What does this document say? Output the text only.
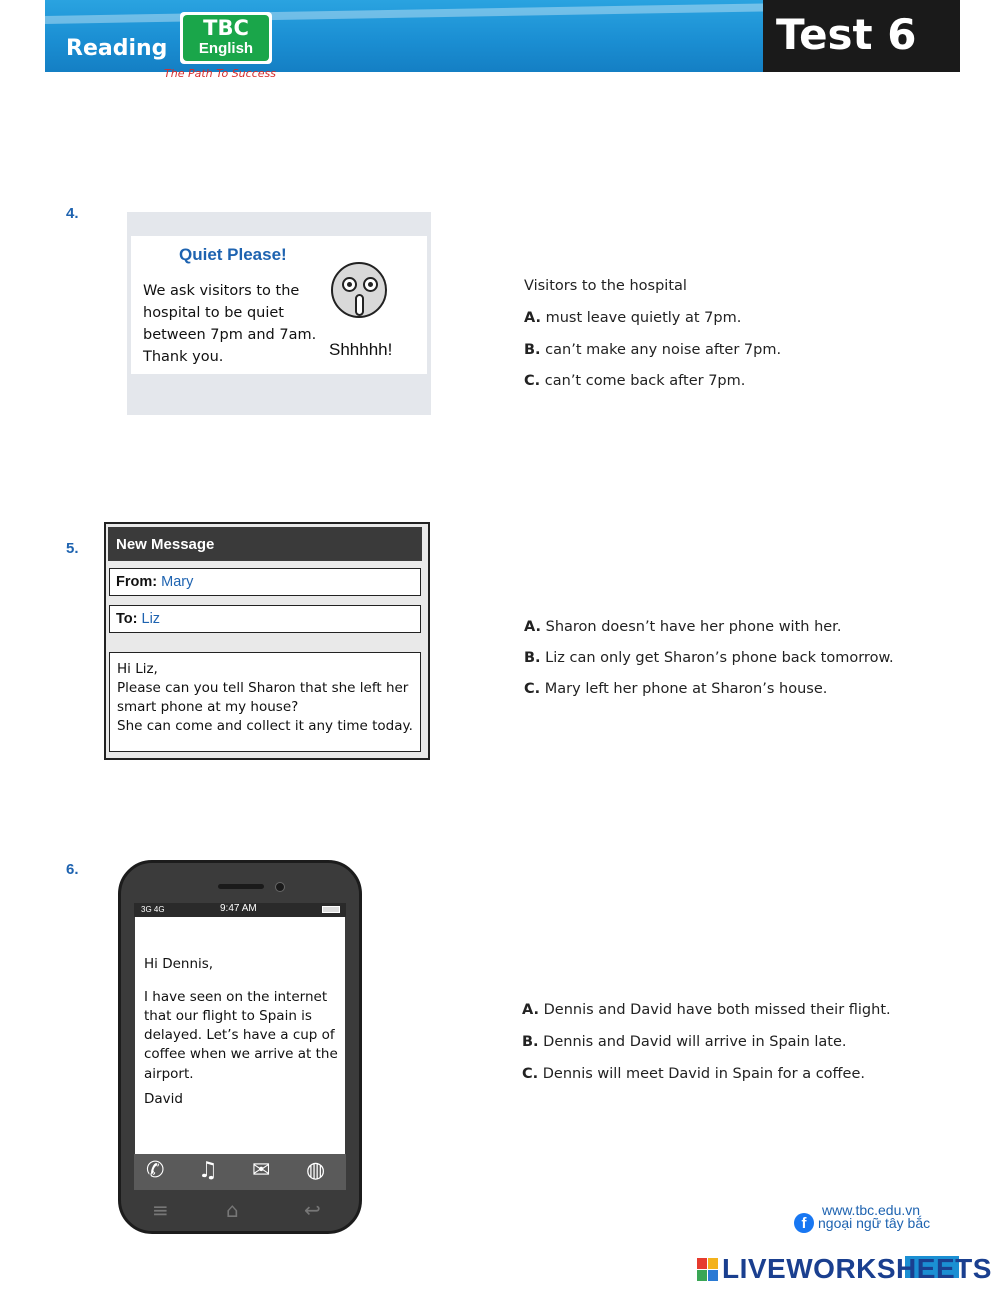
Reading
TBC
English
The Path To Success
Test 6
4.
Quiet Please!
We ask visitors to the
hospital to be quiet
between 7pm and 7am.
Thank you.	Shhhhh!
Visitors to the hospital
A. must leave quietly at 7pm.
B. can’t make any noise after 7pm.
C. can’t come back after 7pm.
5. New Message
From: Mary
To: Liz
Hi Liz,
Please can you tell Sharon that she left her
smart phone at my house?
She can come and collect it any time today.
A. Sharon doesn’t have her phone with her.
B. Liz can only get Sharon’s phone back tomorrow.
C. Mary left her phone at Sharon’s house.
6.
3G 4G	9:47 AM
Hi Dennis,
I have seen on the internet
that our flight to Spain is
delayed. Let’s have a cup of
coffee when we arrive at the
airport.
David
✆ ♫ ✉ ◍
≡	⌂	↩
A. Dennis and David have both missed their flight.
B. Dennis and David will arrive in Spain late.
C. Dennis will meet David in Spain for a coffee.
www.tbc.edu.vn
f ngoại ngữ tây bắc
LIVEWORKSHEETS
